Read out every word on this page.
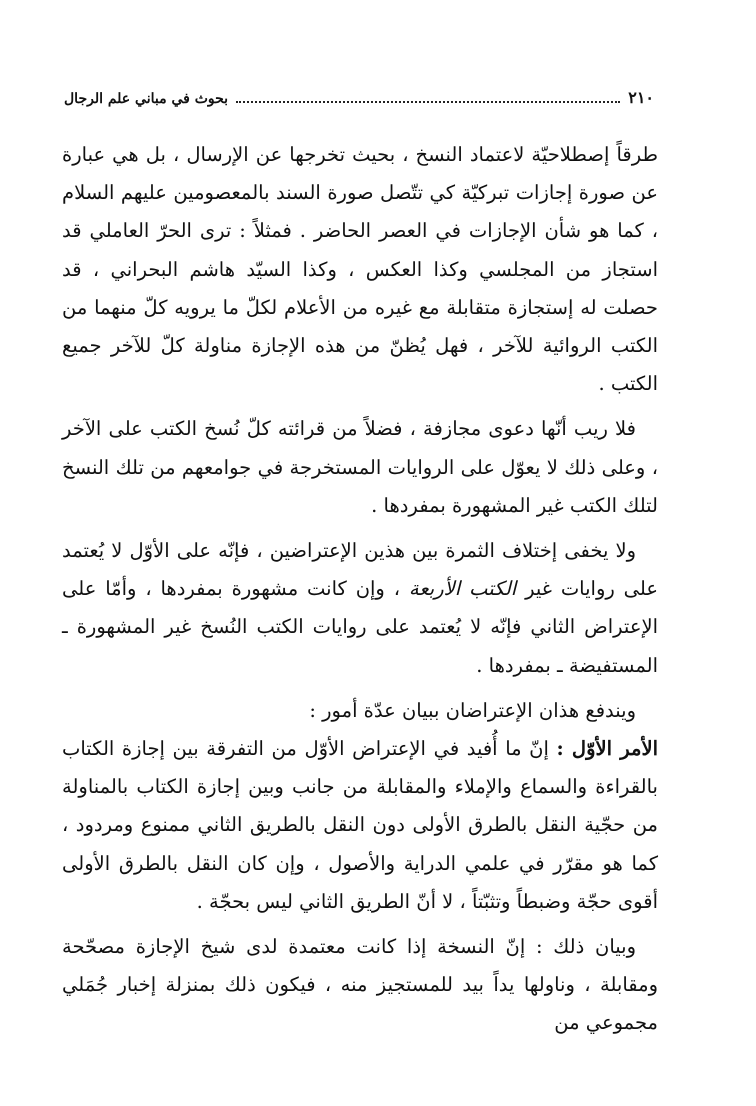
٢١٠
بحوث في مباني علم الرجال

طرقاً إصطلاحيّة لاعتماد النسخ ، بحيث تخرجها عن الإرسال ، بل هي عبارة عن صورة إجازات تبركيّة كي تتّصل صورة السند بالمعصومين عليهم السلام ، كما هو شأن الإجازات في العصر الحاضر . فمثلاً : ترى الحرّ العاملي قد استجاز من المجلسي وكذا العكس ، وكذا السيّد هاشم البحراني ، قد حصلت له إستجازة متقابلة مع غيره من الأعلام لكلّ ما يرويه كلّ منهما من الكتب الروائية للآخر ، فهل يُظنّ من هذه الإجازة مناولة كلّ للآخر جميع الكتب .

فلا ريب أنّها دعوى مجازفة ، فضلاً من قرائته كلّ نُسخ الكتب على الآخر ، وعلى ذلك لا يعوّل على الروايات المستخرجة في جوامعهم من تلك النسخ لتلك الكتب غير المشهورة بمفردها .

ولا يخفى إختلاف الثمرة بين هذين الإعتراضين ، فإنّه على الأوّل لا يُعتمد على روايات غير الكتب الأربعة ، وإن كانت مشهورة بمفردها ، وأمّا على الإعتراض الثاني فإنّه لا يُعتمد على روايات الكتب النُسخ غير المشهورة ـ المستفيضة ـ بمفردها .

ويندفع هذان الإعتراضان ببيان عدّة أمور :

الأمر الأوّل : إنّ ما أُفيد في الإعتراض الأوّل من التفرقة بين إجازة الكتاب بالقراءة والسماع والإملاء والمقابلة من جانب وبين إجازة الكتاب بالمناولة من حجّية النقل بالطرق الأولى دون النقل بالطريق الثاني ممنوع ومردود ، كما هو مقرّر في علمي الدراية والأصول ، وإن كان النقل بالطرق الأولى أقوى حجّة وضبطاً وتثبّتاً ، لا أنّ الطريق الثاني ليس بحجّة .

وبيان ذلك : إنّ النسخة إذا كانت معتمدة لدى شيخ الإجازة مصحّحة ومقابلة ، وناولها يداً بيد للمستجيز منه ، فيكون ذلك بمنزلة إخبار جُمَلي مجموعي من
